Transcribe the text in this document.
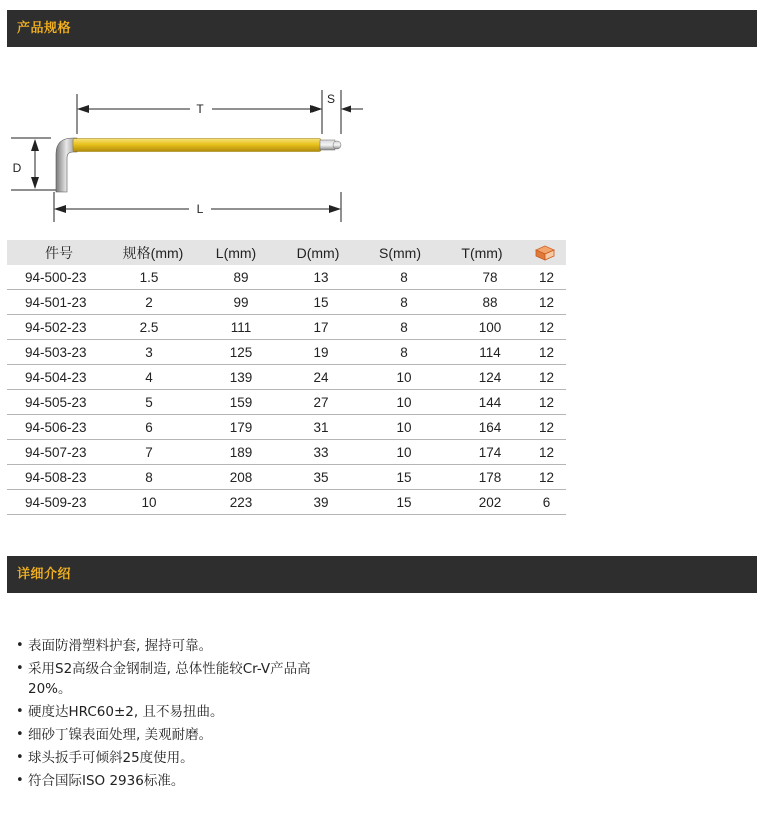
产品规格
T
S
D
L
件号	规格(mm)	L(mm)	D(mm)	S(mm)	T(mm)	
94-500-23	1.5	89	13	8	78	12
94-501-23	2	99	15	8	88	12
94-502-23	2.5	111	17	8	100	12
94-503-23	3	125	19	8	114	12
94-504-23	4	139	24	10	124	12
94-505-23	5	159	27	10	144	12
94-506-23	6	179	31	10	164	12
94-507-23	7	189	33	10	174	12
94-508-23	8	208	35	15	178	12
94-509-23	10	223	39	15	202	6
详细介绍
• 表面防滑塑料护套, 握持可靠。
• 采用S2高级合金钢制造, 总体性能较Cr-V产品高20%。
• 硬度达HRC60±2, 且不易扭曲。
• 细砂丁镍表面处理, 美观耐磨。
• 球头扳手可倾斜25度使用。
• 符合国际ISO 2936标准。
